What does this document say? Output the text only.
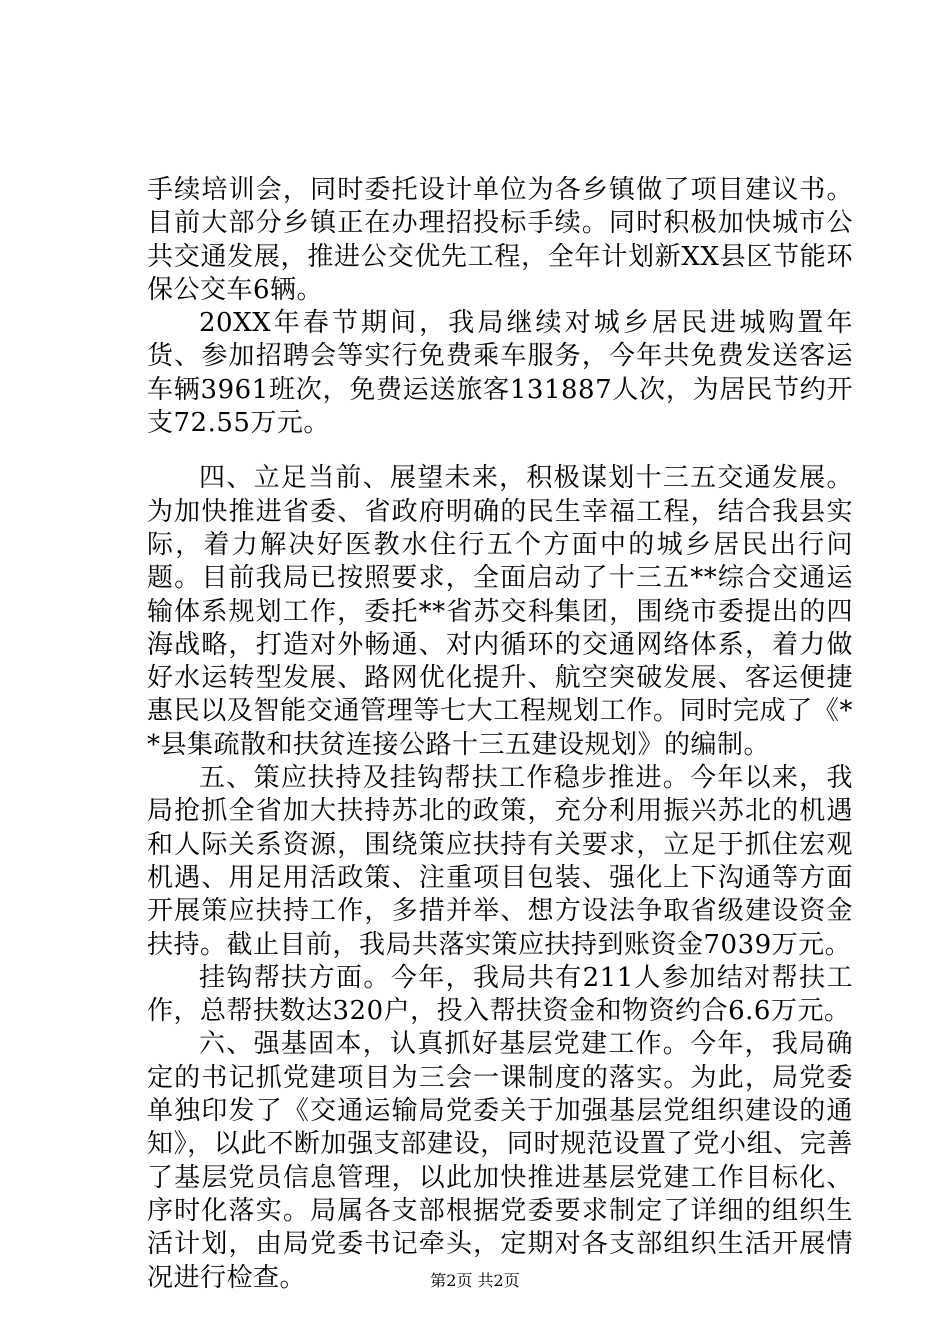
手续培训会，同时委托设计单位为各乡镇做了项目建议书。目前大部分乡镇正在办理招投标手续。同时积极加快城市公共交通发展，推进公交优先工程，全年计划新XX县区节能环保公交车6辆。

20XX年春节期间，我局继续对城乡居民进城购置年货、参加招聘会等实行免费乘车服务，今年共免费发送客运车辆3961班次，免费运送旅客131887人次，为居民节约开支72.55万元。

四、立足当前、展望未来，积极谋划十三五交通发展。为加快推进省委、省政府明确的民生幸福工程，结合我县实际，着力解决好医教水住行五个方面中的城乡居民出行问题。目前我局已按照要求，全面启动了十三五**综合交通运输体系规划工作，委托**省苏交科集团，围绕市委提出的四海战略，打造对外畅通、对内循环的交通网络体系，着力做好水运转型发展、路网优化提升、航空突破发展、客运便捷惠民以及智能交通管理等七大工程规划工作。同时完成了《**县集疏散和扶贫连接公路十三五建设规划》的编制。

五、策应扶持及挂钩帮扶工作稳步推进。今年以来，我局抢抓全省加大扶持苏北的政策，充分利用振兴苏北的机遇和人际关系资源，围绕策应扶持有关要求，立足于抓住宏观机遇、用足用活政策、注重项目包装、强化上下沟通等方面开展策应扶持工作，多措并举、想方设法争取省级建设资金扶持。截止目前，我局共落实策应扶持到账资金7039万元。

挂钩帮扶方面。今年，我局共有211人参加结对帮扶工作，总帮扶数达320户，投入帮扶资金和物资约合6.6万元。

六、强基固本，认真抓好基层党建工作。今年，我局确定的书记抓党建项目为三会一课制度的落实。为此，局党委单独印发了《交通运输局党委关于加强基层党组织建设的通知》，以此不断加强支部建设，同时规范设置了党小组、完善了基层党员信息管理，以此加快推进基层党建工作目标化、序时化落实。局属各支部根据党委要求制定了详细的组织生活计划，由局党委书记牵头，定期对各支部组织生活开展情况进行检查。	第2页 共2页
